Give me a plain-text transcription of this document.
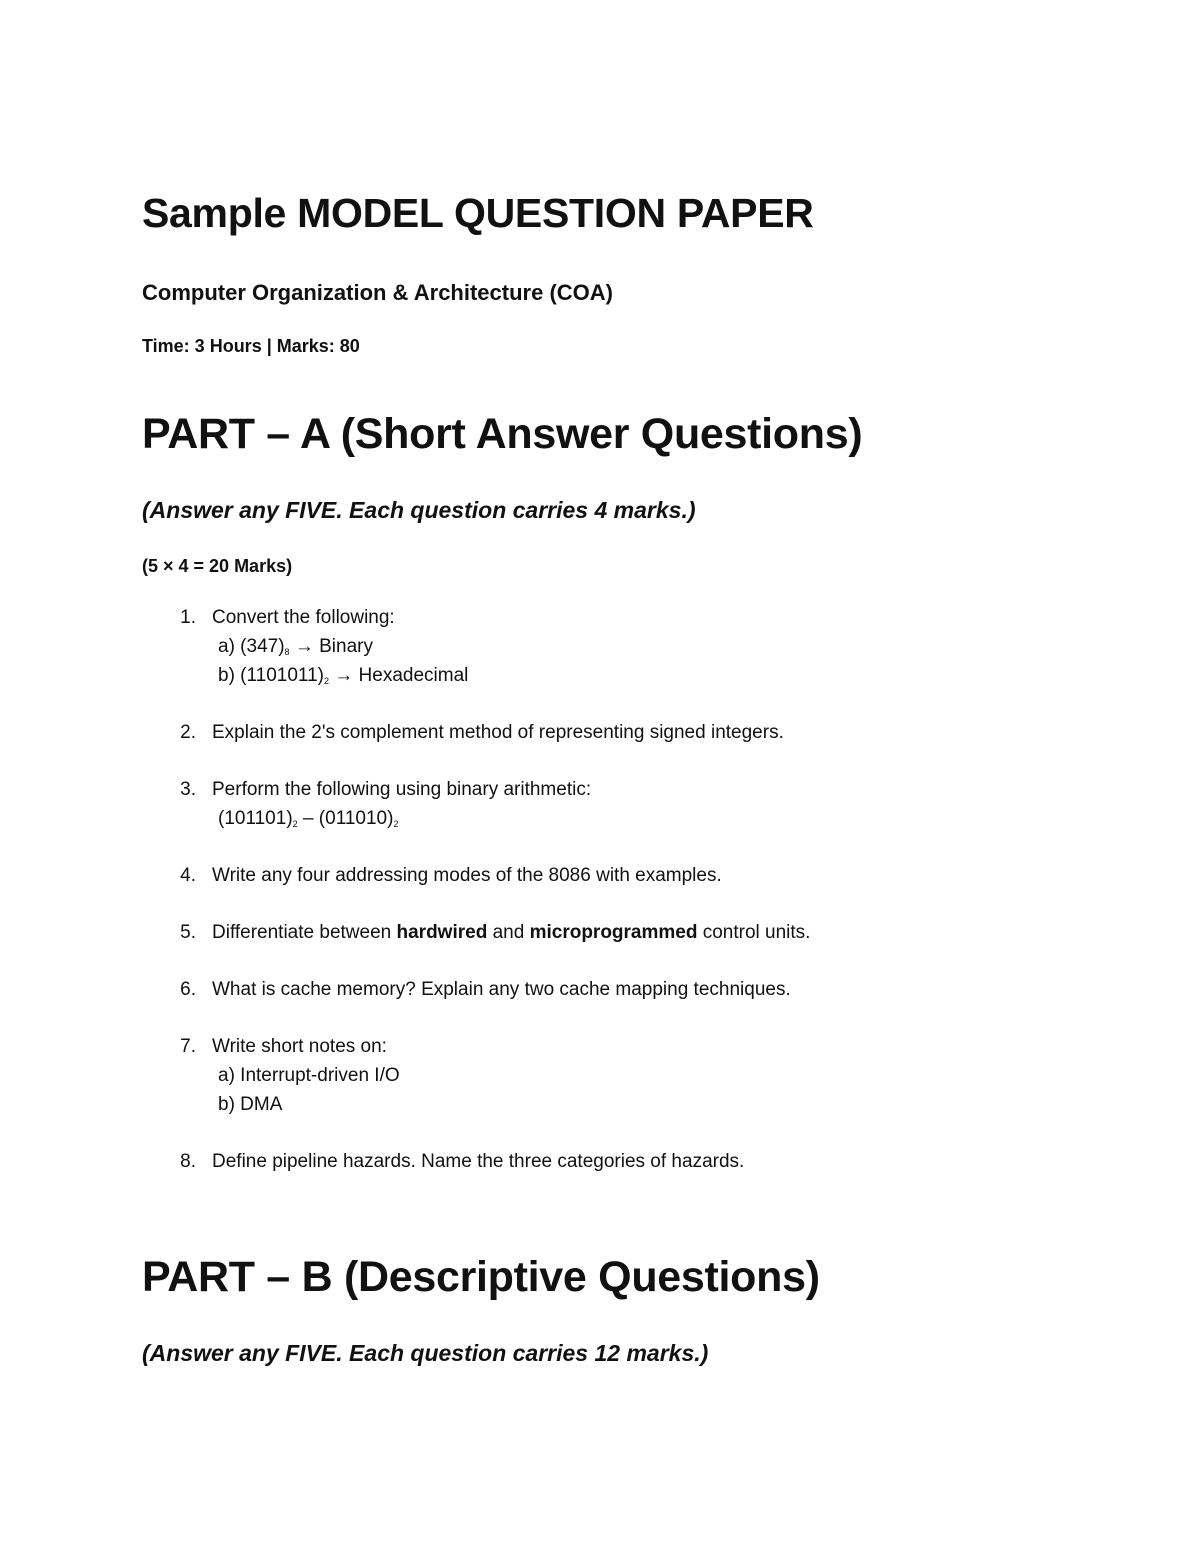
Sample MODEL QUESTION PAPER
Computer Organization & Architecture (COA)
Time: 3 Hours | Marks: 80
PART – A (Short Answer Questions)
(Answer any FIVE. Each question carries 4 marks.)
(5 × 4 = 20 Marks)
1. Convert the following:
a) (347)8 → Binary
b) (1101011)2 → Hexadecimal
2. Explain the 2's complement method of representing signed integers.
3. Perform the following using binary arithmetic:
(101101)2 – (011010)2
4. Write any four addressing modes of the 8086 with examples.
5. Differentiate between hardwired and microprogrammed control units.
6. What is cache memory? Explain any two cache mapping techniques.
7. Write short notes on:
a) Interrupt-driven I/O
b) DMA
8. Define pipeline hazards. Name the three categories of hazards.
PART – B (Descriptive Questions)
(Answer any FIVE. Each question carries 12 marks.)
